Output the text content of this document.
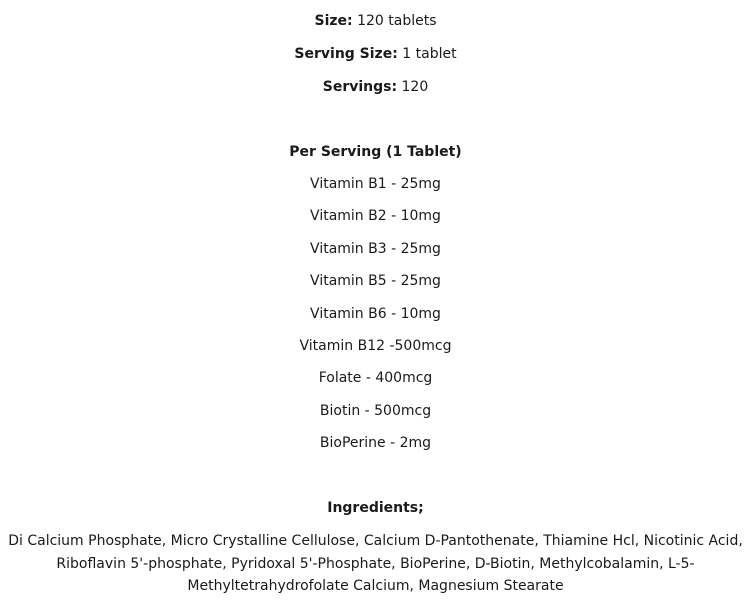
Size: 120 tablets
Serving Size: 1 tablet
Servings: 120
Per Serving (1 Tablet)
Vitamin B1 - 25mg
Vitamin B2 - 10mg
Vitamin B3 - 25mg
Vitamin B5 - 25mg
Vitamin B6 - 10mg
Vitamin B12 -500mcg
Folate - 400mcg
Biotin - 500mcg
BioPerine - 2mg
Ingredients;
Di Calcium Phosphate, Micro Crystalline Cellulose, Calcium D-Pantothenate, Thiamine Hcl, Nicotinic Acid, Riboflavin 5'-phosphate, Pyridoxal 5'-Phosphate, BioPerine, D-Biotin, Methylcobalamin, L-5-Methyltetrahydrofolate Calcium, Magnesium Stearate
